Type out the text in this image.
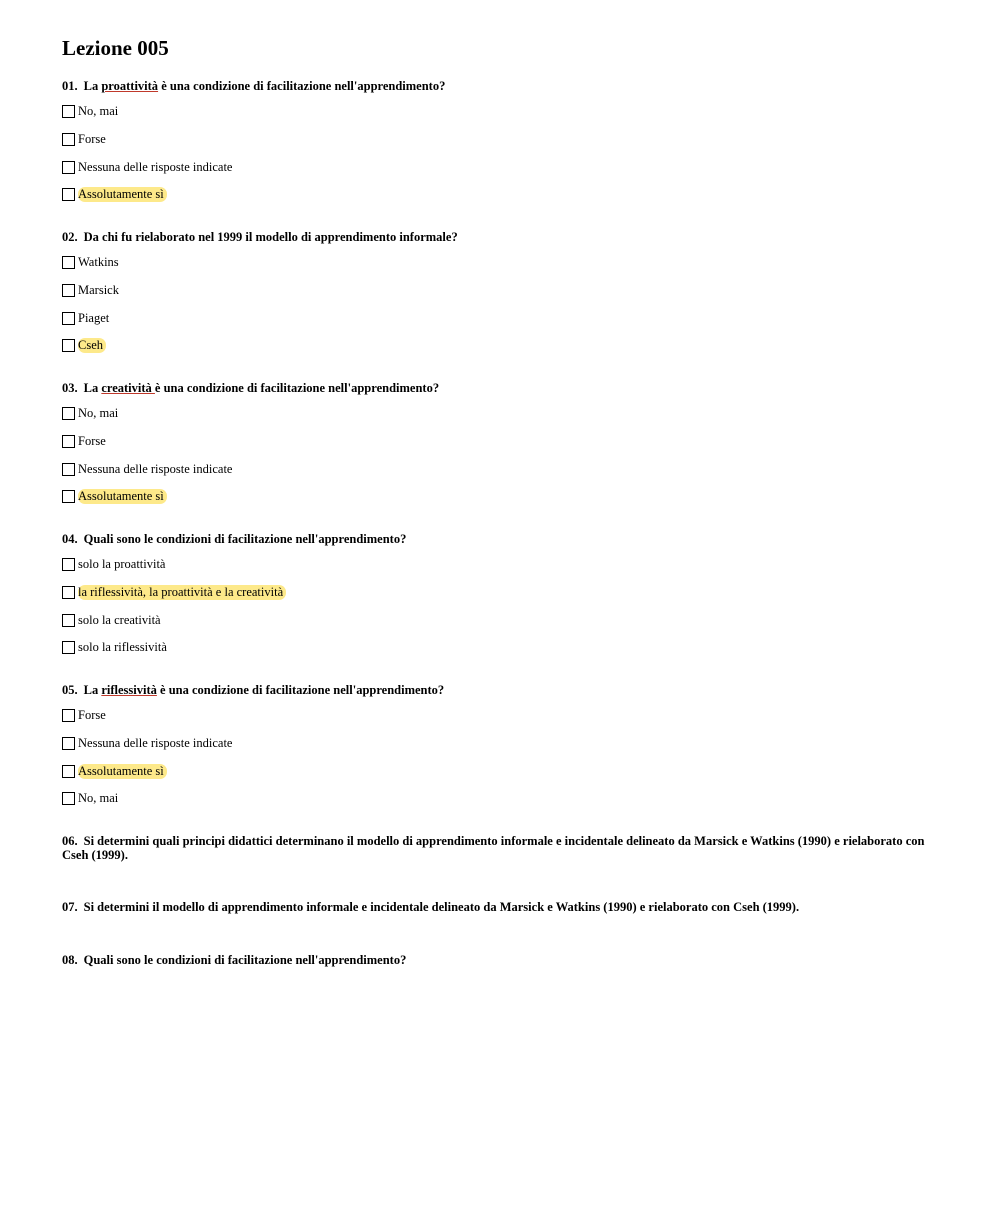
Lezione 005

01. La proattività è una condizione di facilitazione nell'apprendimento?

No, mai
Forse
Nessuna delle risposte indicate
Assolutamente sì

02. Da chi fu rielaborato nel 1999 il modello di apprendimento informale?

Watkins
Marsick
Piaget
Cseh

03. La creatività è una condizione di facilitazione nell'apprendimento?

No, mai
Forse
Nessuna delle risposte indicate
Assolutamente sì

04. Quali sono le condizioni di facilitazione nell'apprendimento?

solo la proattività
la riflessività, la proattività e la creatività
solo la creatività
solo la riflessività

05. La riflessività è una condizione di facilitazione nell'apprendimento?

Forse
Nessuna delle risposte indicate
Assolutamente sì
No, mai

06. Si determini quali principi didattici determinano il modello di apprendimento informale e incidentale delineato da Marsick e Watkins (1990) e rielaborato con Cseh (1999).

07. Si determini il modello di apprendimento informale e incidentale delineato da Marsick e Watkins (1990) e rielaborato con Cseh (1999).

08. Quali sono le condizioni di facilitazione nell'apprendimento?
